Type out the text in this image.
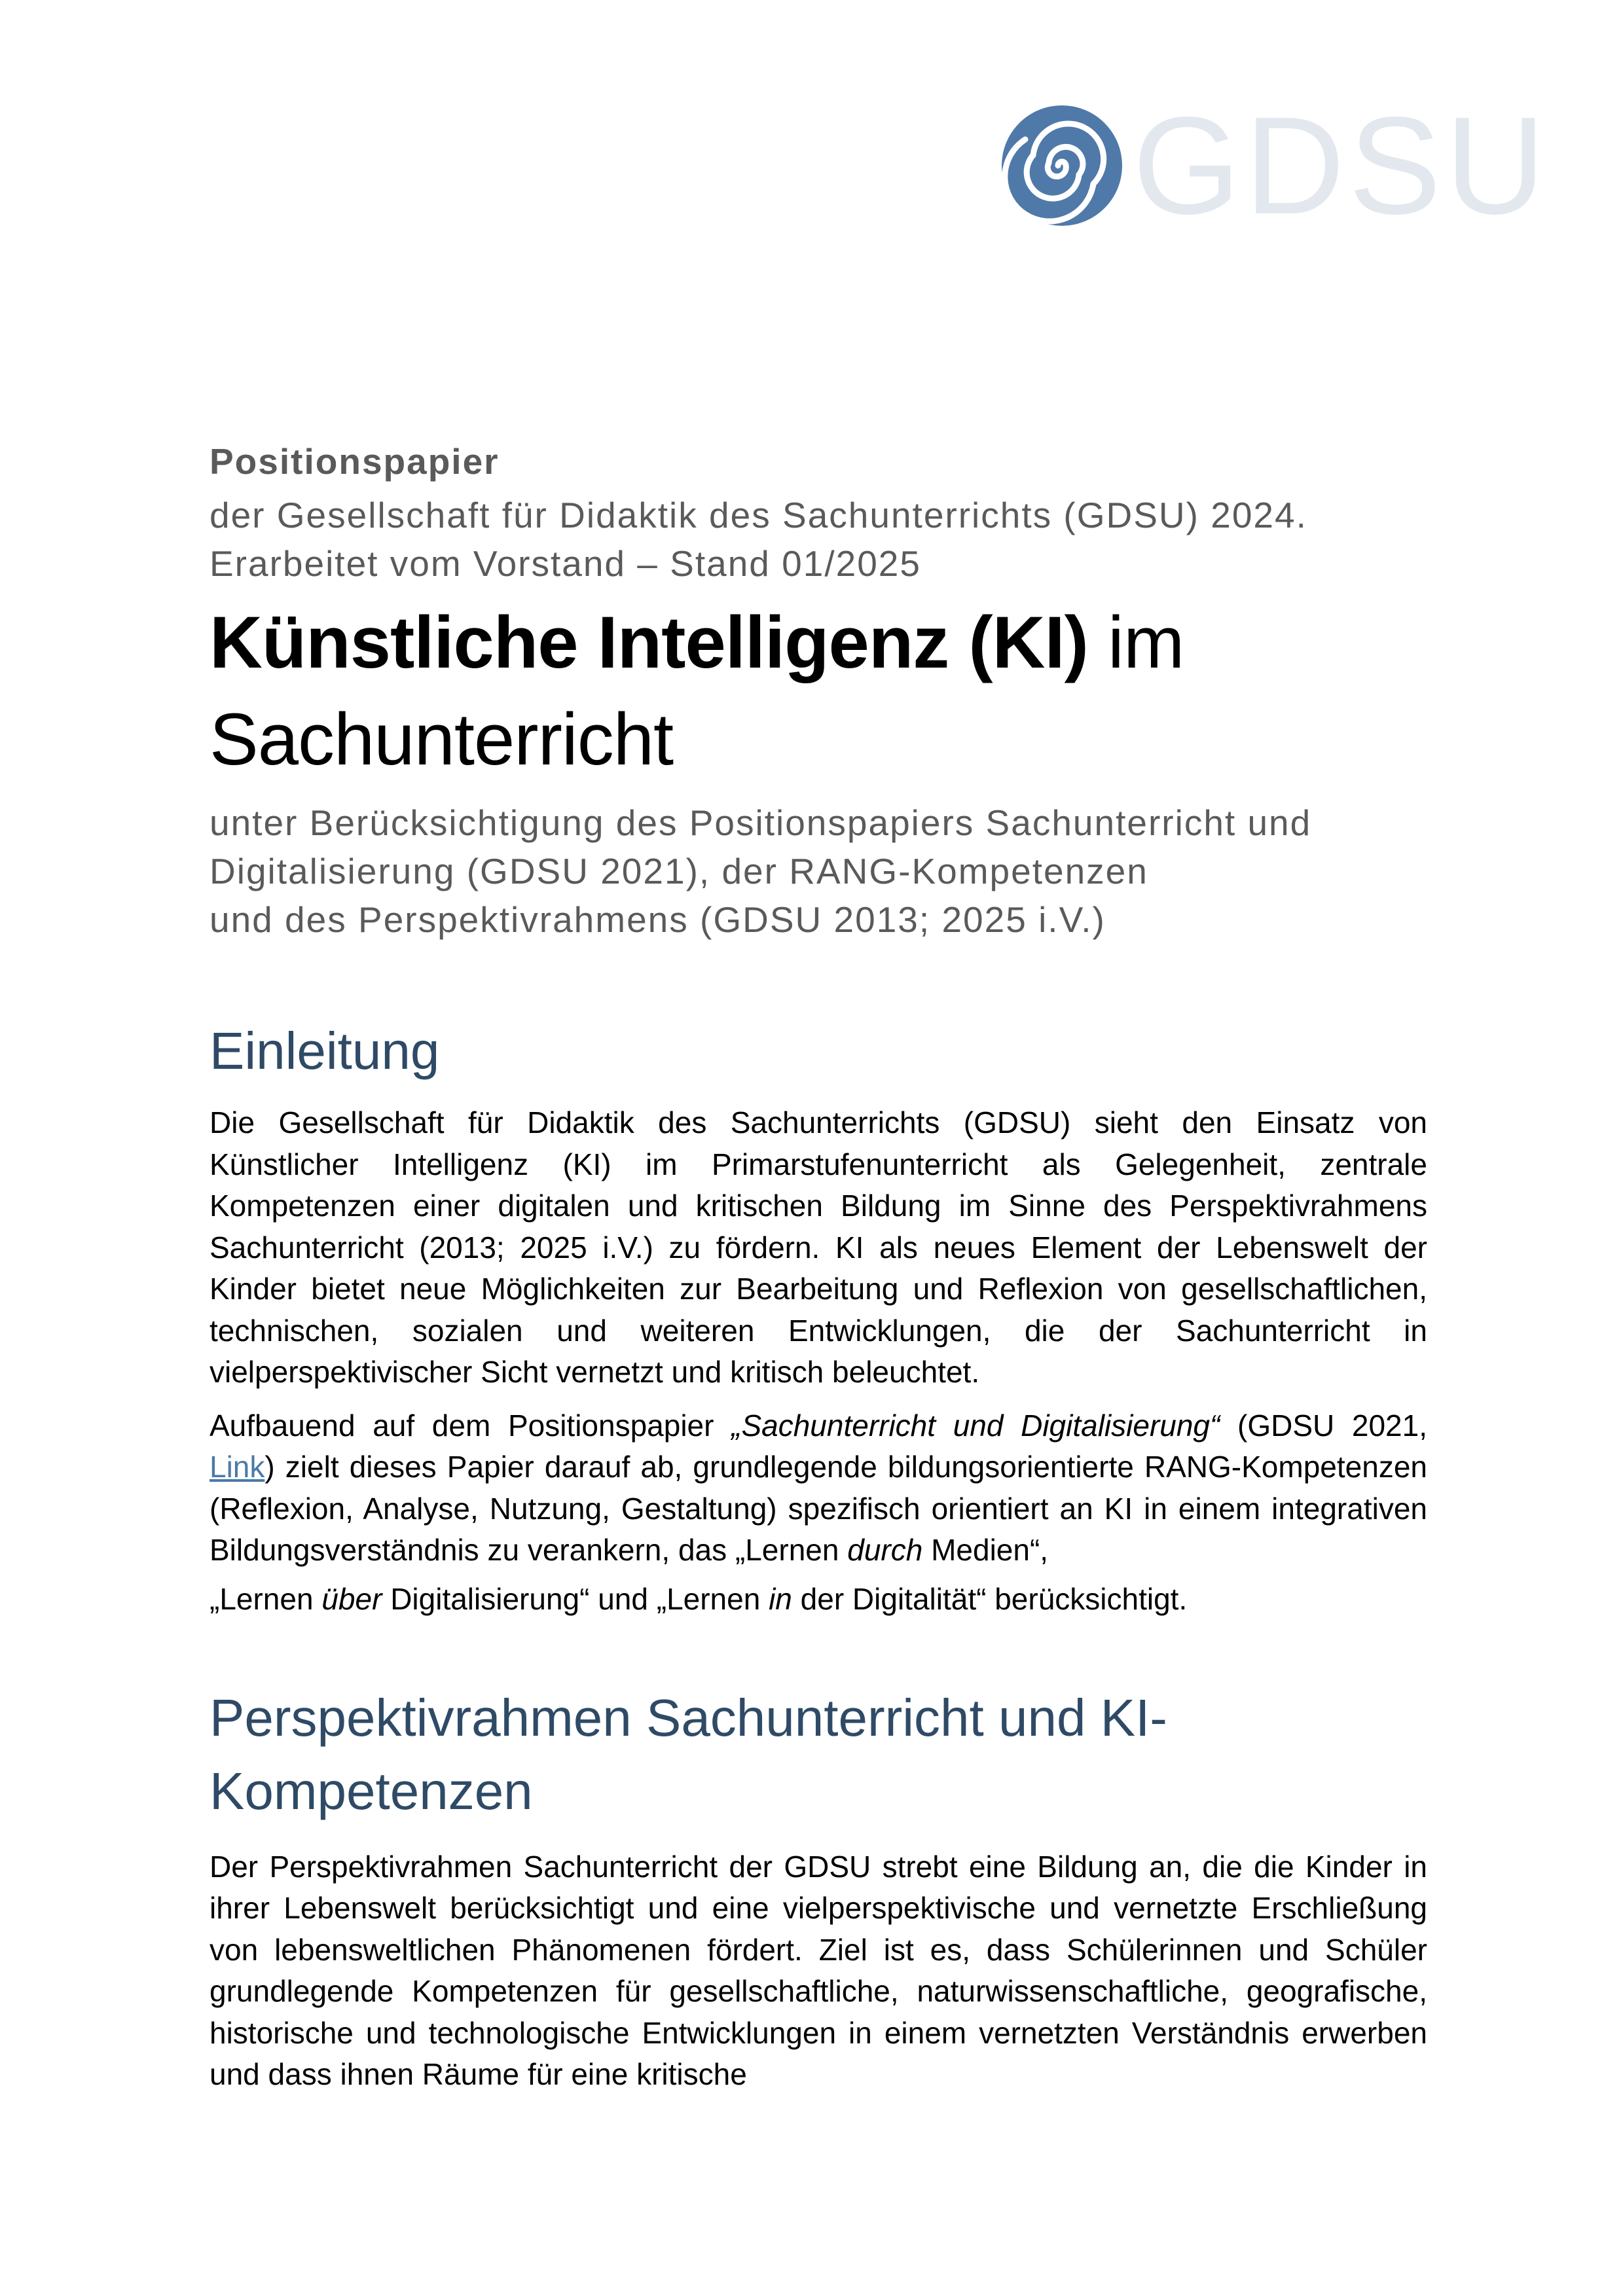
GDSU

Positionspapier

der Gesellschaft für Didaktik des Sachunterrichts (GDSU) 2024.
Erarbeitet vom Vorstand – Stand 01/2025

Künstliche Intelligenz (KI) im
Sachunterricht

unter Berücksichtigung des Positionspapiers Sachunterricht und
Digitalisierung (GDSU 2021), der RANG-Kompetenzen
und des Perspektivrahmens (GDSU 2013; 2025 i.V.)

Einleitung

Die Gesellschaft für Didaktik des Sachunterrichts (GDSU) sieht den Einsatz von Künstlicher Intelligenz (KI) im Primarstufenunterricht als Gelegenheit, zentrale Kompetenzen einer digitalen und kritischen Bildung im Sinne des Perspektivrahmens Sachunterricht (2013; 2025 i.V.) zu fördern. KI als neues Element der Lebenswelt der Kinder bietet neue Möglichkeiten zur Bearbeitung und Reflexion von gesellschaftlichen, technischen, sozialen und weiteren Entwicklungen, die der Sachunterricht in vielperspektivischer Sicht vernetzt und kritisch beleuchtet.

Aufbauend auf dem Positionspapier „Sachunterricht und Digitalisierung“ (GDSU 2021, Link) zielt dieses Papier darauf ab, grundlegende bildungsorientierte RANG-Kompetenzen (Reflexion, Analyse, Nutzung, Gestaltung) spezifisch orientiert an KI in einem integrativen Bildungsverständnis zu verankern, das „Lernen durch Medien“,
„Lernen über Digitalisierung“ und „Lernen in der Digitalität“ berücksichtigt.

Perspektivrahmen Sachunterricht und KI-
Kompetenzen

Der Perspektivrahmen Sachunterricht der GDSU strebt eine Bildung an, die die Kinder in ihrer Lebenswelt berücksichtigt und eine vielperspektivische und vernetzte Erschließung von lebensweltlichen Phänomenen fördert. Ziel ist es, dass Schülerinnen und Schüler grundlegende Kompetenzen für gesellschaftliche, naturwissenschaftliche, geografische, historische und technologische Entwicklungen in einem vernetzten Verständnis erwerben und dass ihnen Räume für eine kritische
